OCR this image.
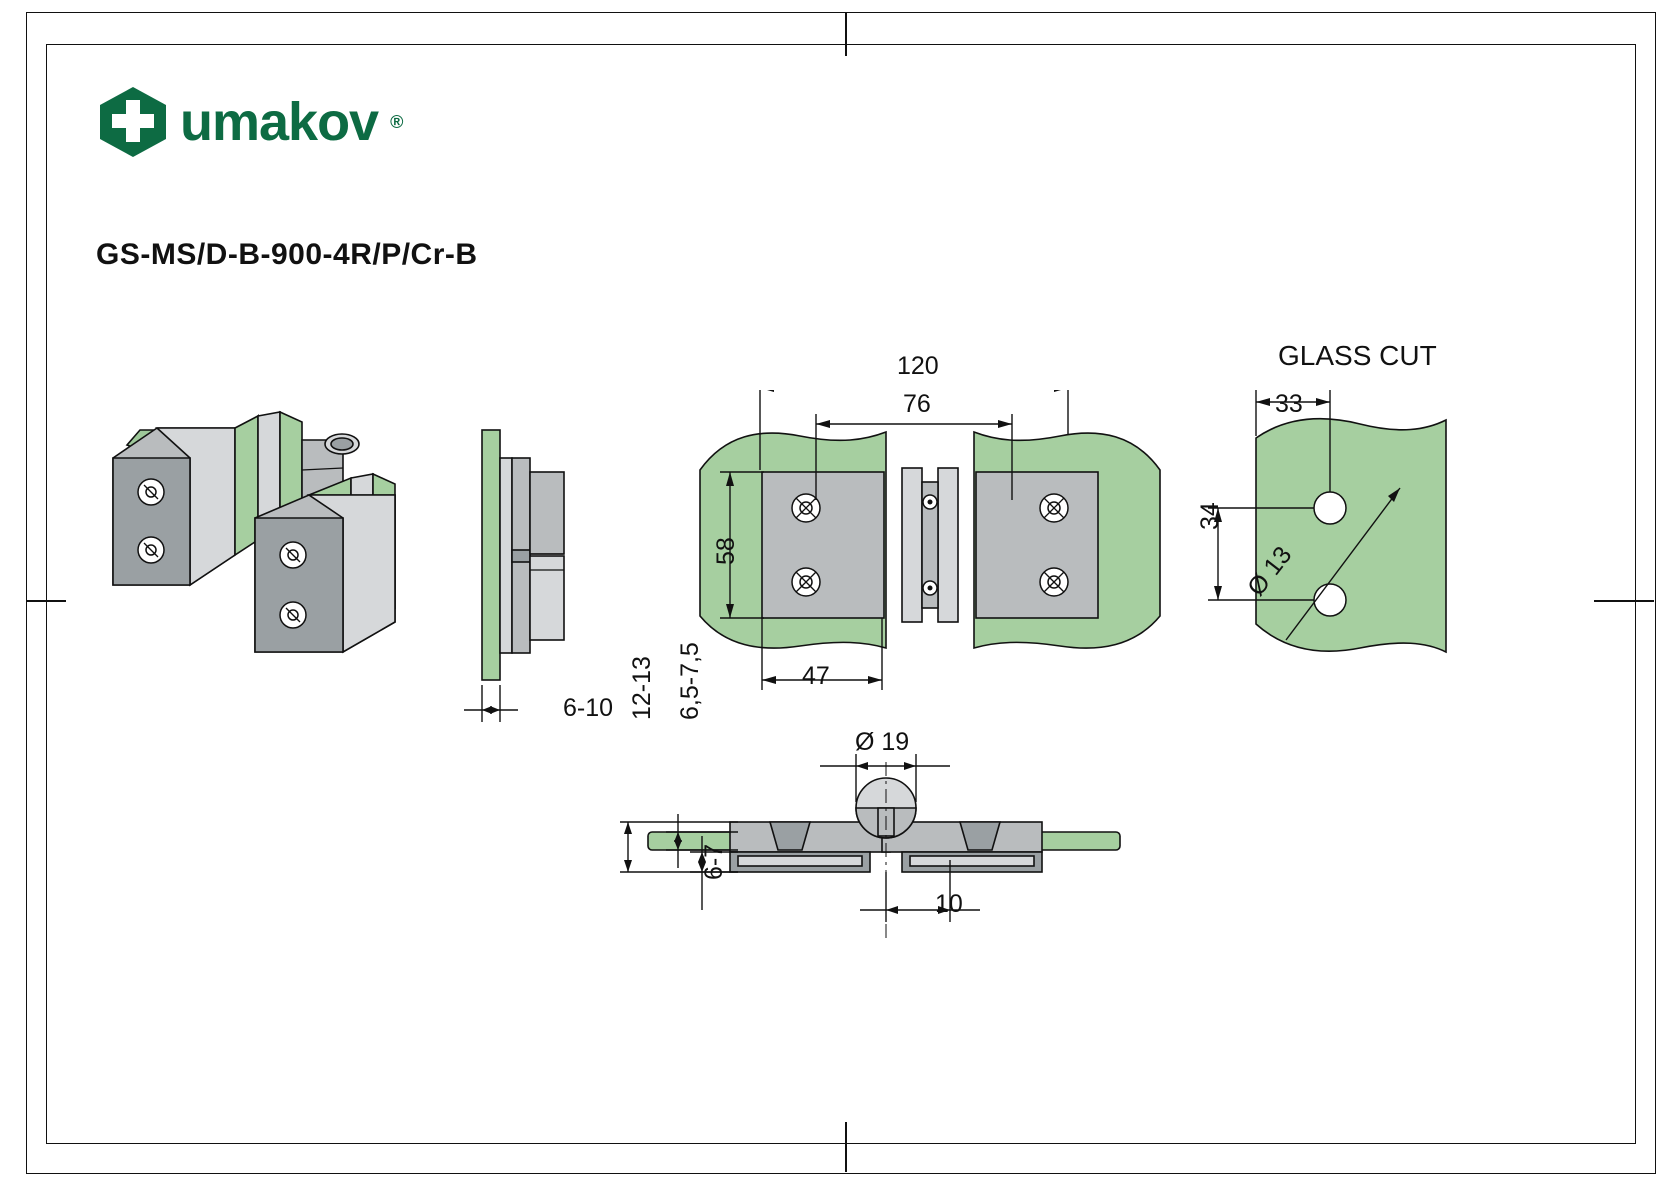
umakov ®
GS-MS/D-B-900-4R/P/Cr-B
6-10
120
76
58
47
GLASS CUT
33
34
Ø 13
12-13 6,5-7,5
6-7
Ø 19
10
